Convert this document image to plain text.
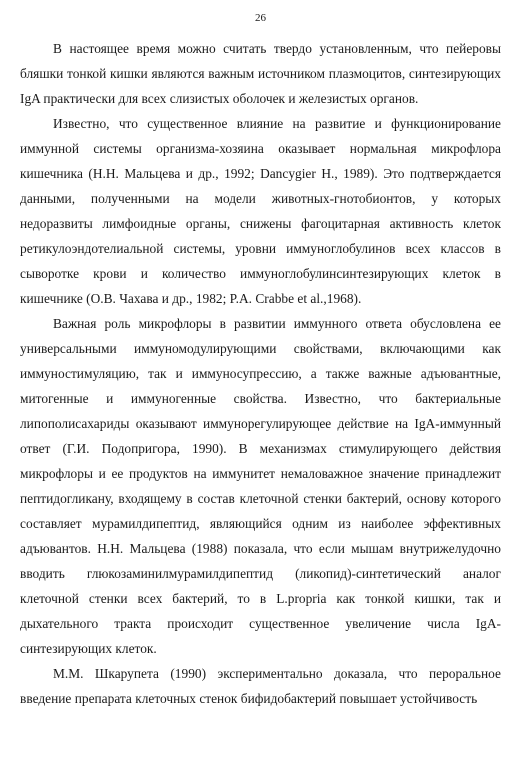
26

В настоящее время можно считать твердо установленным, что пейеровы бляшки тонкой кишки являются важным источником плазмоцитов, синтезирующих IgA практически для всех слизистых оболочек и железистых органов.

Известно, что существенное влияние на развитие и функционирование иммунной системы организма-хозяина оказывает нормальная микрофлора кишечника (Н.Н. Мальцева и др., 1992; Dancygier H., 1989). Это подтверждается данными, полученными на модели животных-гнотобионтов, у которых недоразвиты лимфоидные органы, снижены фагоцитарная активность клеток ретикулоэндотелиальной системы, уровни иммуноглобулинов всех классов в сыворотке крови и количество иммуноглобулинсинтезирующих клеток в кишечнике (О.В. Чахава и др., 1982; P.A. Crabbe et al.,1968).

Важная роль микрофлоры в развитии иммунного ответа обусловлена ее универсальными иммуномодулирующими свойствами, включающими как иммуностимуляцию, так и иммуносупрессию, а также важные адъювантные, митогенные и иммуногенные свойства. Известно, что бактериальные липополисахариды оказывают иммунорегулирующее действие на IgA-иммунный ответ (Г.И. Подопригора, 1990). В механизмах стимулирующего действия микрофлоры и ее продуктов на иммунитет немаловажное значение принадлежит пептидогликану, входящему в состав клеточной стенки бактерий, основу которого составляет мурамилдипептид, являющийся одним из наиболее эффективных адъювантов. Н.Н. Мальцева (1988) показала, что если мышам внутрижелудочно вводить глюкозаминилмурамилдипептид (ликопид)-синтетический аналог клеточной стенки всех бактерий, то в L.propria как тонкой кишки, так и дыхательного тракта происходит существенное увеличение числа IgA-синтезирующих клеток.

М.М. Шкарупета (1990) экспериментально доказала, что пероральное введение препарата клеточных стенок бифидобактерий повышает устойчивость
